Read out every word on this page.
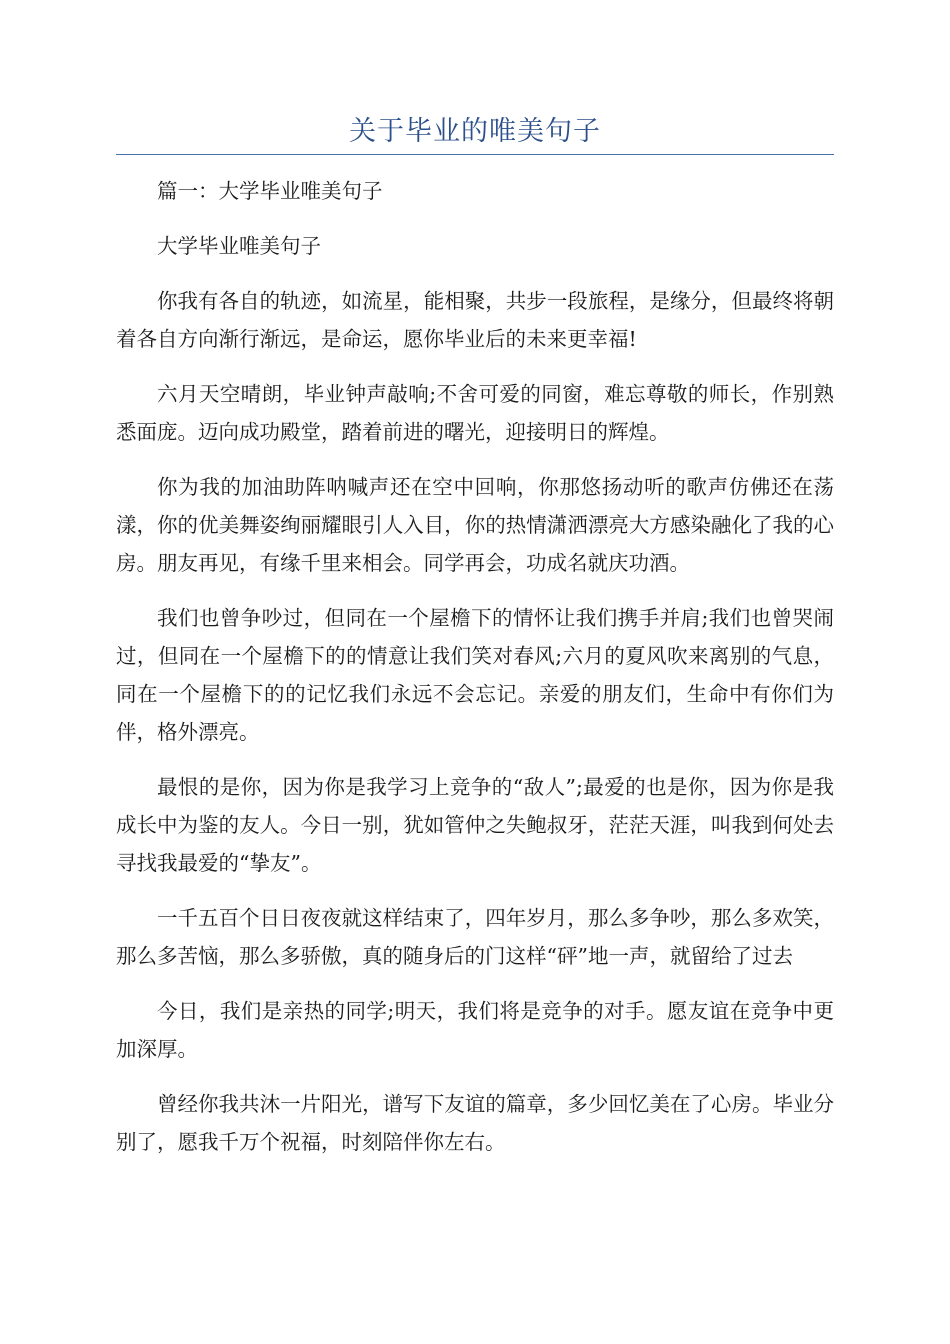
关于毕业的唯美句子

篇一：大学毕业唯美句子

大学毕业唯美句子

你我有各自的轨迹，如流星，能相聚，共步一段旅程，是缘分，但最终将朝着各自方向渐行渐远，是命运，愿你毕业后的未来更幸福!

六月天空晴朗，毕业钟声敲响;不舍可爱的同窗，难忘尊敬的师长，作别熟悉面庞。迈向成功殿堂，踏着前进的曙光，迎接明日的辉煌。

你为我的加油助阵呐喊声还在空中回响，你那悠扬动听的歌声仿佛还在荡漾，你的优美舞姿绚丽耀眼引人入目，你的热情潇洒漂亮大方感染融化了我的心房。朋友再见，有缘千里来相会。同学再会，功成名就庆功酒。

我们也曾争吵过，但同在一个屋檐下的情怀让我们携手并肩;我们也曾哭闹过，但同在一个屋檐下的的情意让我们笑对春风;六月的夏风吹来离别的气息，同在一个屋檐下的的记忆我们永远不会忘记。亲爱的朋友们，生命中有你们为伴，格外漂亮。

最恨的是你，因为你是我学习上竞争的“敌人”;最爱的也是你，因为你是我成长中为鉴的友人。今日一别，犹如管仲之失鲍叔牙，茫茫天涯，叫我到何处去寻找我最爱的“挚友”。

一千五百个日日夜夜就这样结束了，四年岁月，那么多争吵，那么多欢笑，那么多苦恼，那么多骄傲，真的随身后的门这样“砰”地一声，就留给了过去

今日，我们是亲热的同学;明天，我们将是竞争的对手。愿友谊在竞争中更加深厚。

曾经你我共沐一片阳光，谱写下友谊的篇章，多少回忆美在了心房。毕业分别了，愿我千万个祝福，时刻陪伴你左右。
